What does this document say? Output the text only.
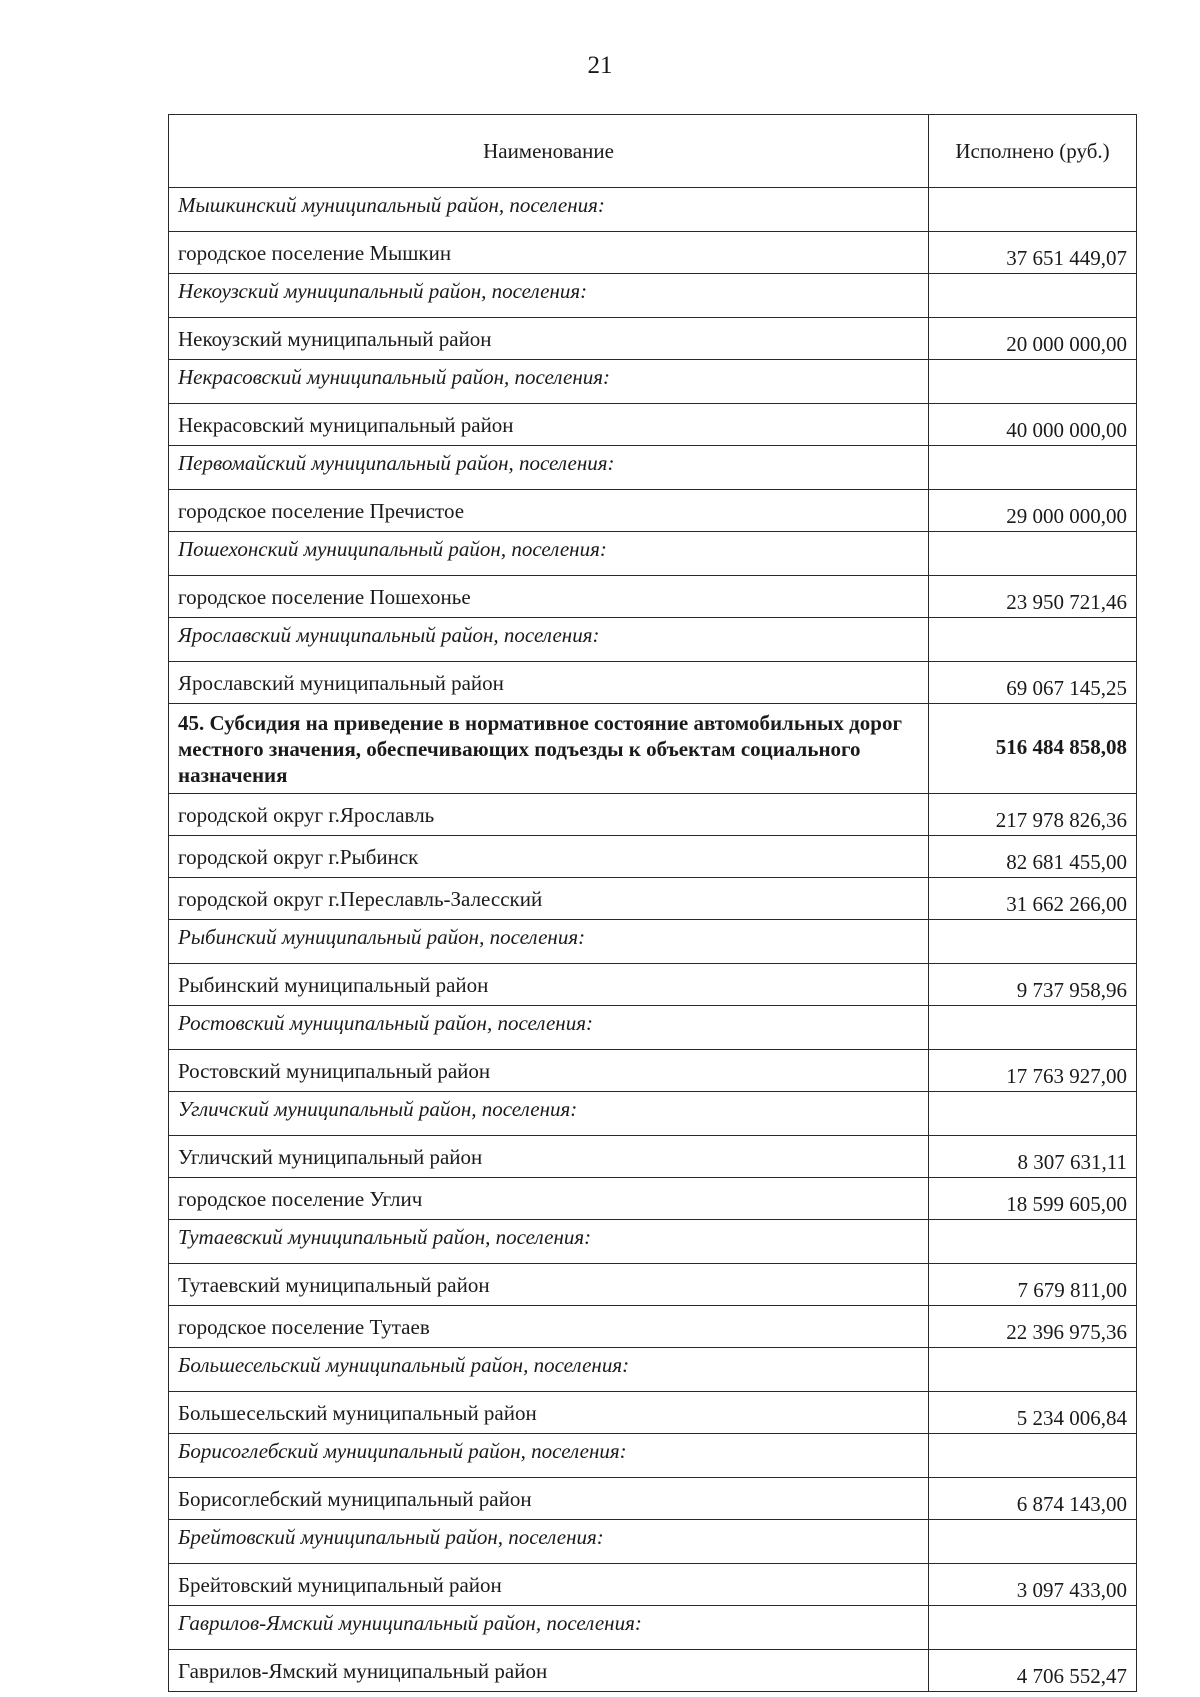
21
Наименование	Исполнено (руб.)
Мышкинский муниципальный район, поселения:	
городское поселение Мышкин	37 651 449,07
Некоузский муниципальный район, поселения:	
Некоузский муниципальный район	20 000 000,00
Некрасовский муниципальный район, поселения:	
Некрасовский муниципальный район	40 000 000,00
Первомайский муниципальный район, поселения:	
городское поселение Пречистое	29 000 000,00
Пошехонский муниципальный район, поселения:	
городское поселение Пошехонье	23 950 721,46
Ярославский муниципальный район, поселения:	
Ярославский муниципальный район	69 067 145,25
45. Субсидия на приведение в нормативное состояние автомобильных дорог местного значения, обеспечивающих подъезды к объектам социального назначения	516 484 858,08
городской округ г.Ярославль	217 978 826,36
городской округ г.Рыбинск	82 681 455,00
городской округ г.Переславль-Залесский	31 662 266,00
Рыбинский муниципальный район, поселения:	
Рыбинский муниципальный район	9 737 958,96
Ростовский муниципальный район, поселения:	
Ростовский муниципальный район	17 763 927,00
Угличский муниципальный район, поселения:	
Угличский муниципальный район	8 307 631,11
городское поселение Углич	18 599 605,00
Тутаевский муниципальный район, поселения:	
Тутаевский муниципальный район	7 679 811,00
городское поселение Тутаев	22 396 975,36
Большесельский муниципальный район, поселения:	
Большесельский муниципальный район	5 234 006,84
Борисоглебский муниципальный район, поселения:	
Борисоглебский муниципальный район	6 874 143,00
Брейтовский муниципальный район, поселения:	
Брейтовский муниципальный район	3 097 433,00
Гаврилов-Ямский муниципальный район, поселения:	
Гаврилов-Ямский муниципальный район	4 706 552,47
